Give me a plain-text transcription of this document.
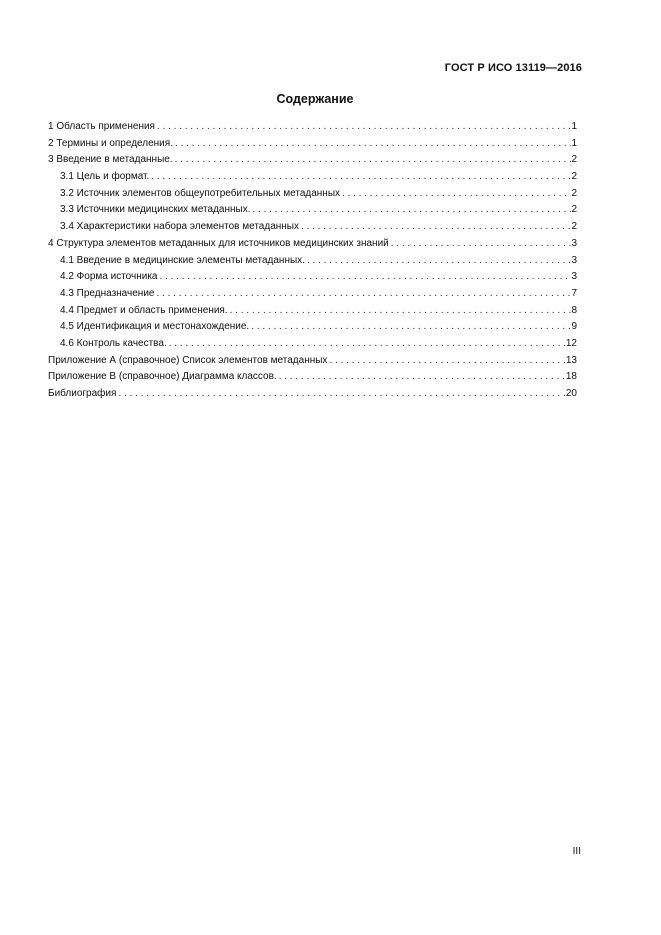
ГОСТ Р ИСО 13119—2016
Содержание
1 Область применения . . .	1
2 Термины и определения. . . .	1
3 Введение в метаданные. . . .	2
3.1 Цель и формат. . . .	2
3.2 Источник элементов общеупотребительных метаданных . . .	2
3.3 Источники медицинских метаданных. . . .	2
3.4 Характеристики набора элементов метаданных . . .	2
4 Структура элементов метаданных для источников медицинских знаний . . .	3
4.1 Введение в медицинские элементы метаданных. . . .	3
4.2 Форма источника . . .	3
4.3 Предназначение . . .	7
4.4 Предмет и область применения. . . .	8
4.5 Идентификация и местонахождение. . . .	9
4.6 Контроль качества. . . .	12
Приложение А (справочное) Список элементов метаданных . . .	13
Приложение В (справочное) Диаграмма классов. . . .	18
Библиография . . .	20
III
